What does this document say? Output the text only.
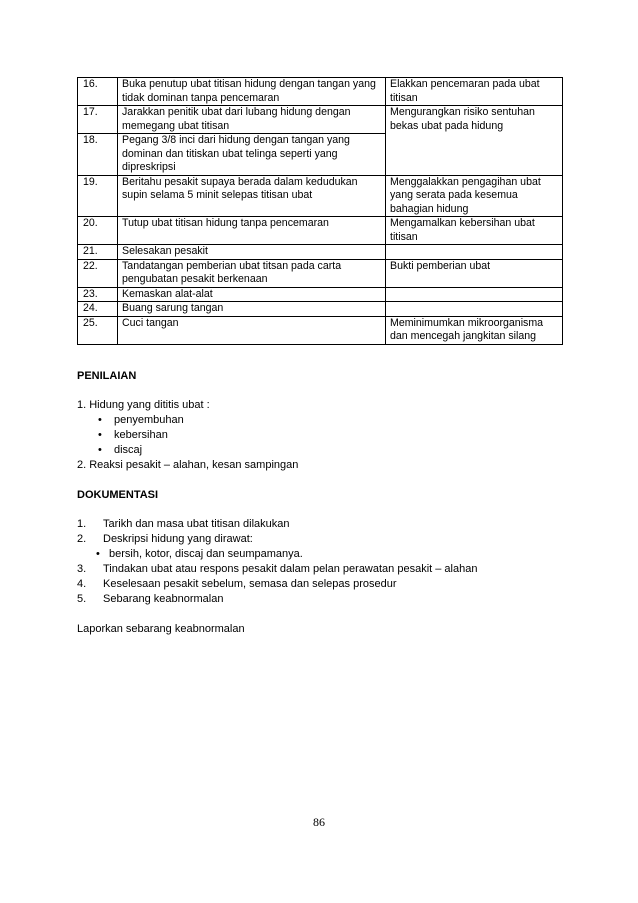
16.	Buka penutup ubat titisan hidung dengan tangan yang tidak dominan tanpa pencemaran	Elakkan pencemaran pada ubat titisan
17.	Jarakkan penitik ubat dari lubang hidung dengan memegang ubat titisan	Mengurangkan risiko sentuhan bekas ubat pada hidung
18.	Pegang 3/8 inci dari hidung dengan tangan yang dominan dan titiskan ubat telinga seperti yang dipreskripsi	
19.	Beritahu pesakit supaya berada dalam kedudukan supin selama 5 minit selepas titisan ubat	Menggalakkan pengagihan ubat yang serata pada kesemua bahagian hidung
20.	Tutup ubat titisan hidung tanpa pencemaran	Mengamalkan kebersihan ubat titisan
21.	Selesakan pesakit	
22.	Tandatangan pemberian ubat titsan pada carta pengubatan pesakit berkenaan	Bukti pemberian ubat
23.	Kemaskan alat-alat	
24.	Buang sarung tangan	
25.	Cuci tangan	Meminimumkan mikroorganisma dan mencegah jangkitan silang
PENILAIAN
1. Hidung yang dititis ubat :
• penyembuhan
• kebersihan
• discaj
2. Reaksi pesakit – alahan, kesan sampingan
DOKUMENTASI
1. Tarikh dan masa ubat titisan dilakukan
2. Deskripsi hidung yang dirawat:
• bersih, kotor, discaj dan seumpamanya.
3. Tindakan ubat atau respons pesakit dalam pelan perawatan pesakit – alahan
4. Keselesaan pesakit sebelum, semasa dan selepas prosedur
5. Sebarang keabnormalan
Laporkan sebarang keabnormalan
86
